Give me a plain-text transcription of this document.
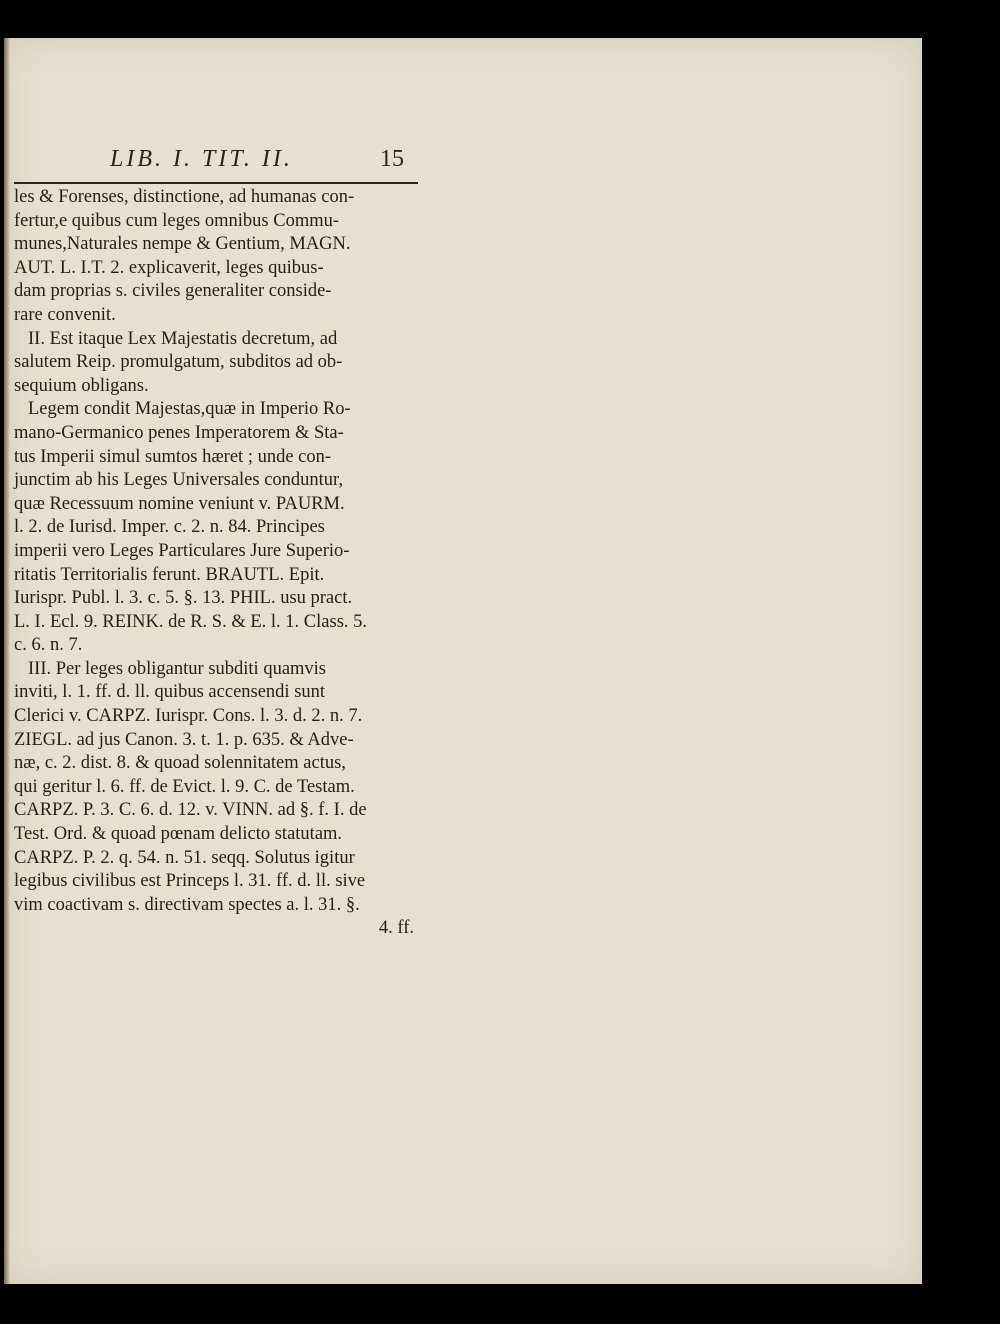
LIB. I. TIT. II.	15
les & Forenses, distinctione, ad humanas con-
fertur,e quibus cum leges omnibus Commu-
munes,Naturales nempe & Gentium, MAGN.
AUT. L. I.T. 2. explicaverit, leges quibus-
dam proprias s. civiles generaliter conside-
rare convenit.
II. Est itaque Lex Majestatis decretum, ad
salutem Reip. promulgatum, subditos ad ob-
sequium obligans.
Legem condit Majestas,quæ in Imperio Ro-
mano-Germanico penes Imperatorem & Sta-
tus Imperii simul sumtos hæret ; unde con-
junctim ab his Leges Universales conduntur,
quæ Recessuum nomine veniunt v. PAURM.
l. 2. de Iurisd. Imper. c. 2. n. 84. Principes
imperii vero Leges Particulares Jure Superio-
ritatis Territorialis ferunt. BRAUTL. Epit.
Iurispr. Publ. l. 3. c. 5. §. 13. PHIL. usu pract.
L. I. Ecl. 9. REINK. de R. S. & E. l. 1. Class. 5.
c. 6. n. 7.
III. Per leges obligantur subditi quamvis
inviti, l. 1. ff. d. ll. quibus accensendi sunt
Clerici v. CARPZ. Iurispr. Cons. l. 3. d. 2. n. 7.
ZIEGL. ad jus Canon. 3. t. 1. p. 635. & Adve-
næ, c. 2. dist. 8. & quoad solennitatem actus,
qui geritur l. 6. ff. de Evict. l. 9. C. de Testam.
CARPZ. P. 3. C. 6. d. 12. v. VINN. ad §. f. I. de
Test. Ord. & quoad pœnam delicto statutam.
CARPZ. P. 2. q. 54. n. 51. seqq. Solutus igitur
legibus civilibus est Princeps l. 31. ff. d. ll. sive
vim coactivam s. directivam spectes a. l. 31. §.
4. ff.
